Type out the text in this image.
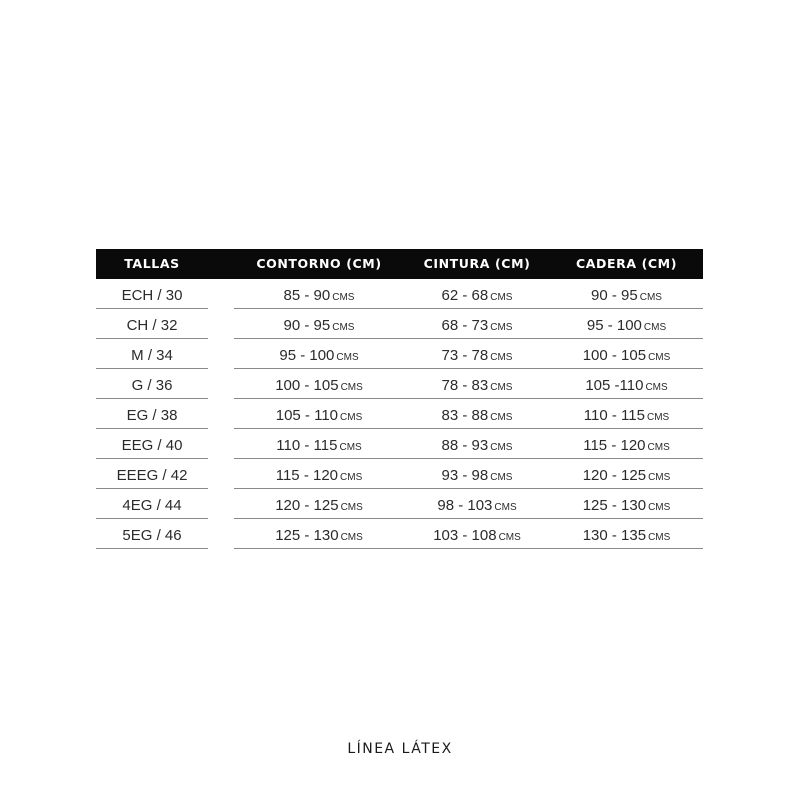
TALLAS	CONTORNO (CM)	CINTURA (CM)	CADERA (CM)
ECH / 30	85 - 90 CMS	62 - 68 CMS	90 - 95 CMS
CH / 32	90 - 95 CMS	68 - 73 CMS	95 - 100 CMS
M / 34	95 - 100 CMS	73 - 78 CMS	100 - 105 CMS
G / 36	100 - 105 CMS	78 - 83 CMS	105 -110 CMS
EG / 38	105 - 110 CMS	83 - 88 CMS	110 - 115 CMS
EEG / 40	110 - 115 CMS	88 - 93 CMS	115 - 120 CMS
EEEG / 42	115 - 120 CMS	93 - 98 CMS	120 - 125 CMS
4EG / 44	120 - 125 CMS	98 - 103 CMS	125 - 130 CMS
5EG / 46	125 - 130 CMS	103 - 108 CMS	130 - 135 CMS
LÍNEA LÁTEX
